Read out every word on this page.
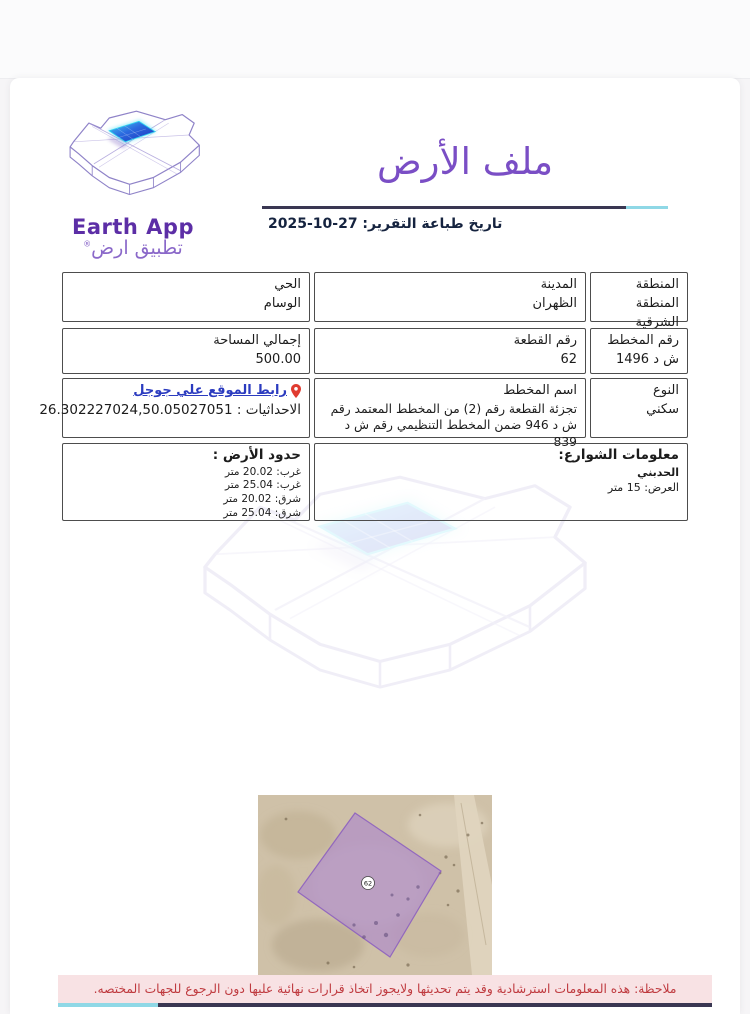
Earth App
تطبيق ارض®
ملف الأرض
تاريخ طباعة التقرير: 27-10-2025
المنطقة
المنطقة الشرقية
المدينة
الظهران
الحي
الوسام
رقم المخطط
ش د 1496
رقم القطعة
62
إجمالي المساحة
500.00
النوع
سكني
اسم المخطط
تجزئة القطعة رقم (2) من المخطط المعتمد رقم ش د 946 ضمن المخطط التنظيمي رقم ش د 839
رابط الموقع علي جوجل
الاحداثيات : 26.302227024,50.05027051
معلومات الشوارع:
الحدبني
العرض: 15 متر
حدود الأرض :
غرب: 20.02 متر
غرب: 25.04 متر
شرق: 20.02 متر
شرق: 25.04 متر
62
ملاحظة: هذه المعلومات استرشادية وقد يتم تحديثها ولايجوز اتخاذ قرارات نهائية عليها دون الرجوع للجهات المختصه.
